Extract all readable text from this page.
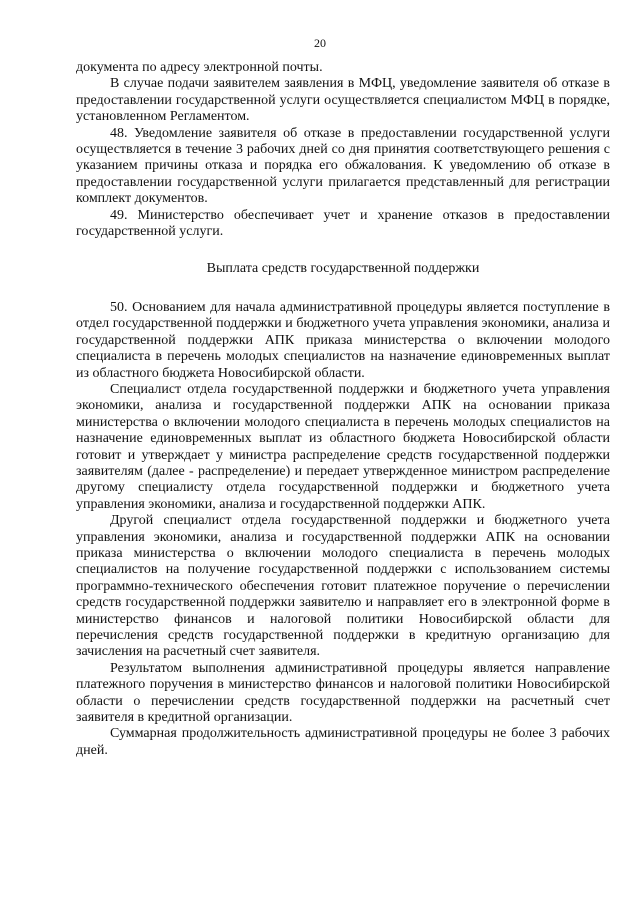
20

документа по адресу электронной почты.

В случае подачи заявителем заявления в МФЦ, уведомление заявителя об отказе в предоставлении государственной услуги осуществляется специалистом МФЦ в порядке, установленном Регламентом.

48. Уведомление заявителя об отказе в предоставлении государственной услуги осуществляется в течение 3 рабочих дней со дня принятия соответствующего решения с указанием причины отказа и порядка его обжалования. К уведомлению об отказе в предоставлении государственной услуги прилагается представленный для регистрации комплект документов.

49. Министерство обеспечивает учет и хранение отказов в предоставлении государственной услуги.

Выплата средств государственной поддержки

50. Основанием для начала административной процедуры является поступление в отдел государственной поддержки и бюджетного учета управления экономики, анализа и государственной поддержки АПК приказа министерства о включении молодого специалиста в перечень молодых специалистов на назначение единовременных выплат из областного бюджета Новосибирской области.

Специалист отдела государственной поддержки и бюджетного учета управления экономики, анализа и государственной поддержки АПК на основании приказа министерства о включении молодого специалиста в перечень молодых специалистов на назначение единовременных выплат из областного бюджета Новосибирской области готовит и утверждает у министра распределение средств государственной поддержки заявителям (далее - распределение) и передает утвержденное министром распределение другому специалисту отдела государственной поддержки и бюджетного учета управления экономики, анализа и государственной поддержки АПК.

Другой специалист отдела государственной поддержки и бюджетного учета управления экономики, анализа и государственной поддержки АПК на основании приказа министерства о включении молодого специалиста в перечень молодых специалистов на получение государственной поддержки с использованием системы программно-технического обеспечения готовит платежное поручение о перечислении средств государственной поддержки заявителю и направляет его в электронной форме в министерство финансов и налоговой политики Новосибирской области для перечисления средств государственной поддержки в кредитную организацию для зачисления на расчетный счет заявителя.

Результатом выполнения административной процедуры является направление платежного поручения в министерство финансов и налоговой политики Новосибирской области о перечислении средств государственной поддержки на расчетный счет заявителя в кредитной организации.

Суммарная продолжительность административной процедуры не более 3 рабочих дней.
